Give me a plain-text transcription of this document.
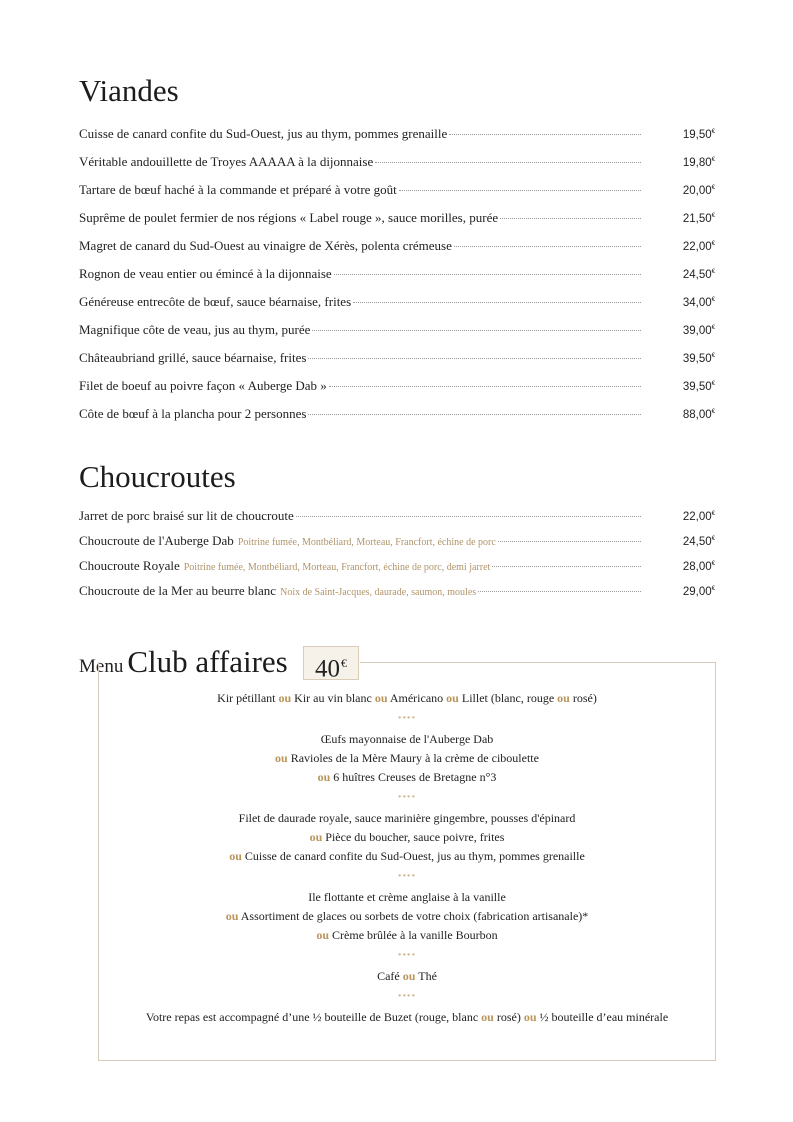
Viandes
Cuisse de canard confite du Sud-Ouest, jus au thym, pommes grenaille	19,50€
Véritable andouillette de Troyes AAAAA à la dijonnaise	19,80€
Tartare de bœuf haché à la commande et préparé à votre goût	20,00€
Suprême de poulet fermier de nos régions « Label rouge », sauce morilles, purée	21,50€
Magret de canard du Sud-Ouest au vinaigre de Xérès, polenta crémeuse	22,00€
Rognon de veau entier ou émincé à la dijonnaise	24,50€
Généreuse entrecôte de bœuf, sauce béarnaise, frites	34,00€
Magnifique côte de veau, jus au thym, purée	39,00€
Châteaubriand grillé, sauce béarnaise, frites	39,50€
Filet de boeuf au poivre façon « Auberge Dab »	39,50€
Côte de bœuf à la plancha pour 2 personnes	88,00€
Choucroutes
Jarret de porc braisé sur lit de choucroute	22,00€
Choucroute de l'Auberge Dab Poitrine fumée, Montbéliard, Morteau, Francfort, échine de porc	24,50€
Choucroute Royale Poitrine fumée, Montbéliard, Morteau, Francfort, échine de porc, demi jarret	28,00€
Choucroute de la Mer au beurre blanc Noix de Saint-Jacques, daurade, saumon, moules	29,00€
Menu Club affaires	40€
Kir pétillant ou Kir au vin blanc ou Américano ou Lillet (blanc, rouge ou rosé)
****
Œufs mayonnaise de l'Auberge Dab
ou Ravioles de la Mère Maury à la crème de ciboulette
ou 6 huîtres Creuses de Bretagne n°3
****
Filet de daurade royale, sauce marinière gingembre, pousses d'épinard
ou Pièce du boucher, sauce poivre, frites
ou Cuisse de canard confite du Sud-Ouest, jus au thym, pommes grenaille
****
Ile flottante et crème anglaise à la vanille
ou Assortiment de glaces ou sorbets de votre choix (fabrication artisanale)*
ou Crème brûlée à la vanille Bourbon
****
Café ou Thé
****
Votre repas est accompagné d’une ½ bouteille de Buzet (rouge, blanc ou rosé) ou ½ bouteille d’eau minérale
